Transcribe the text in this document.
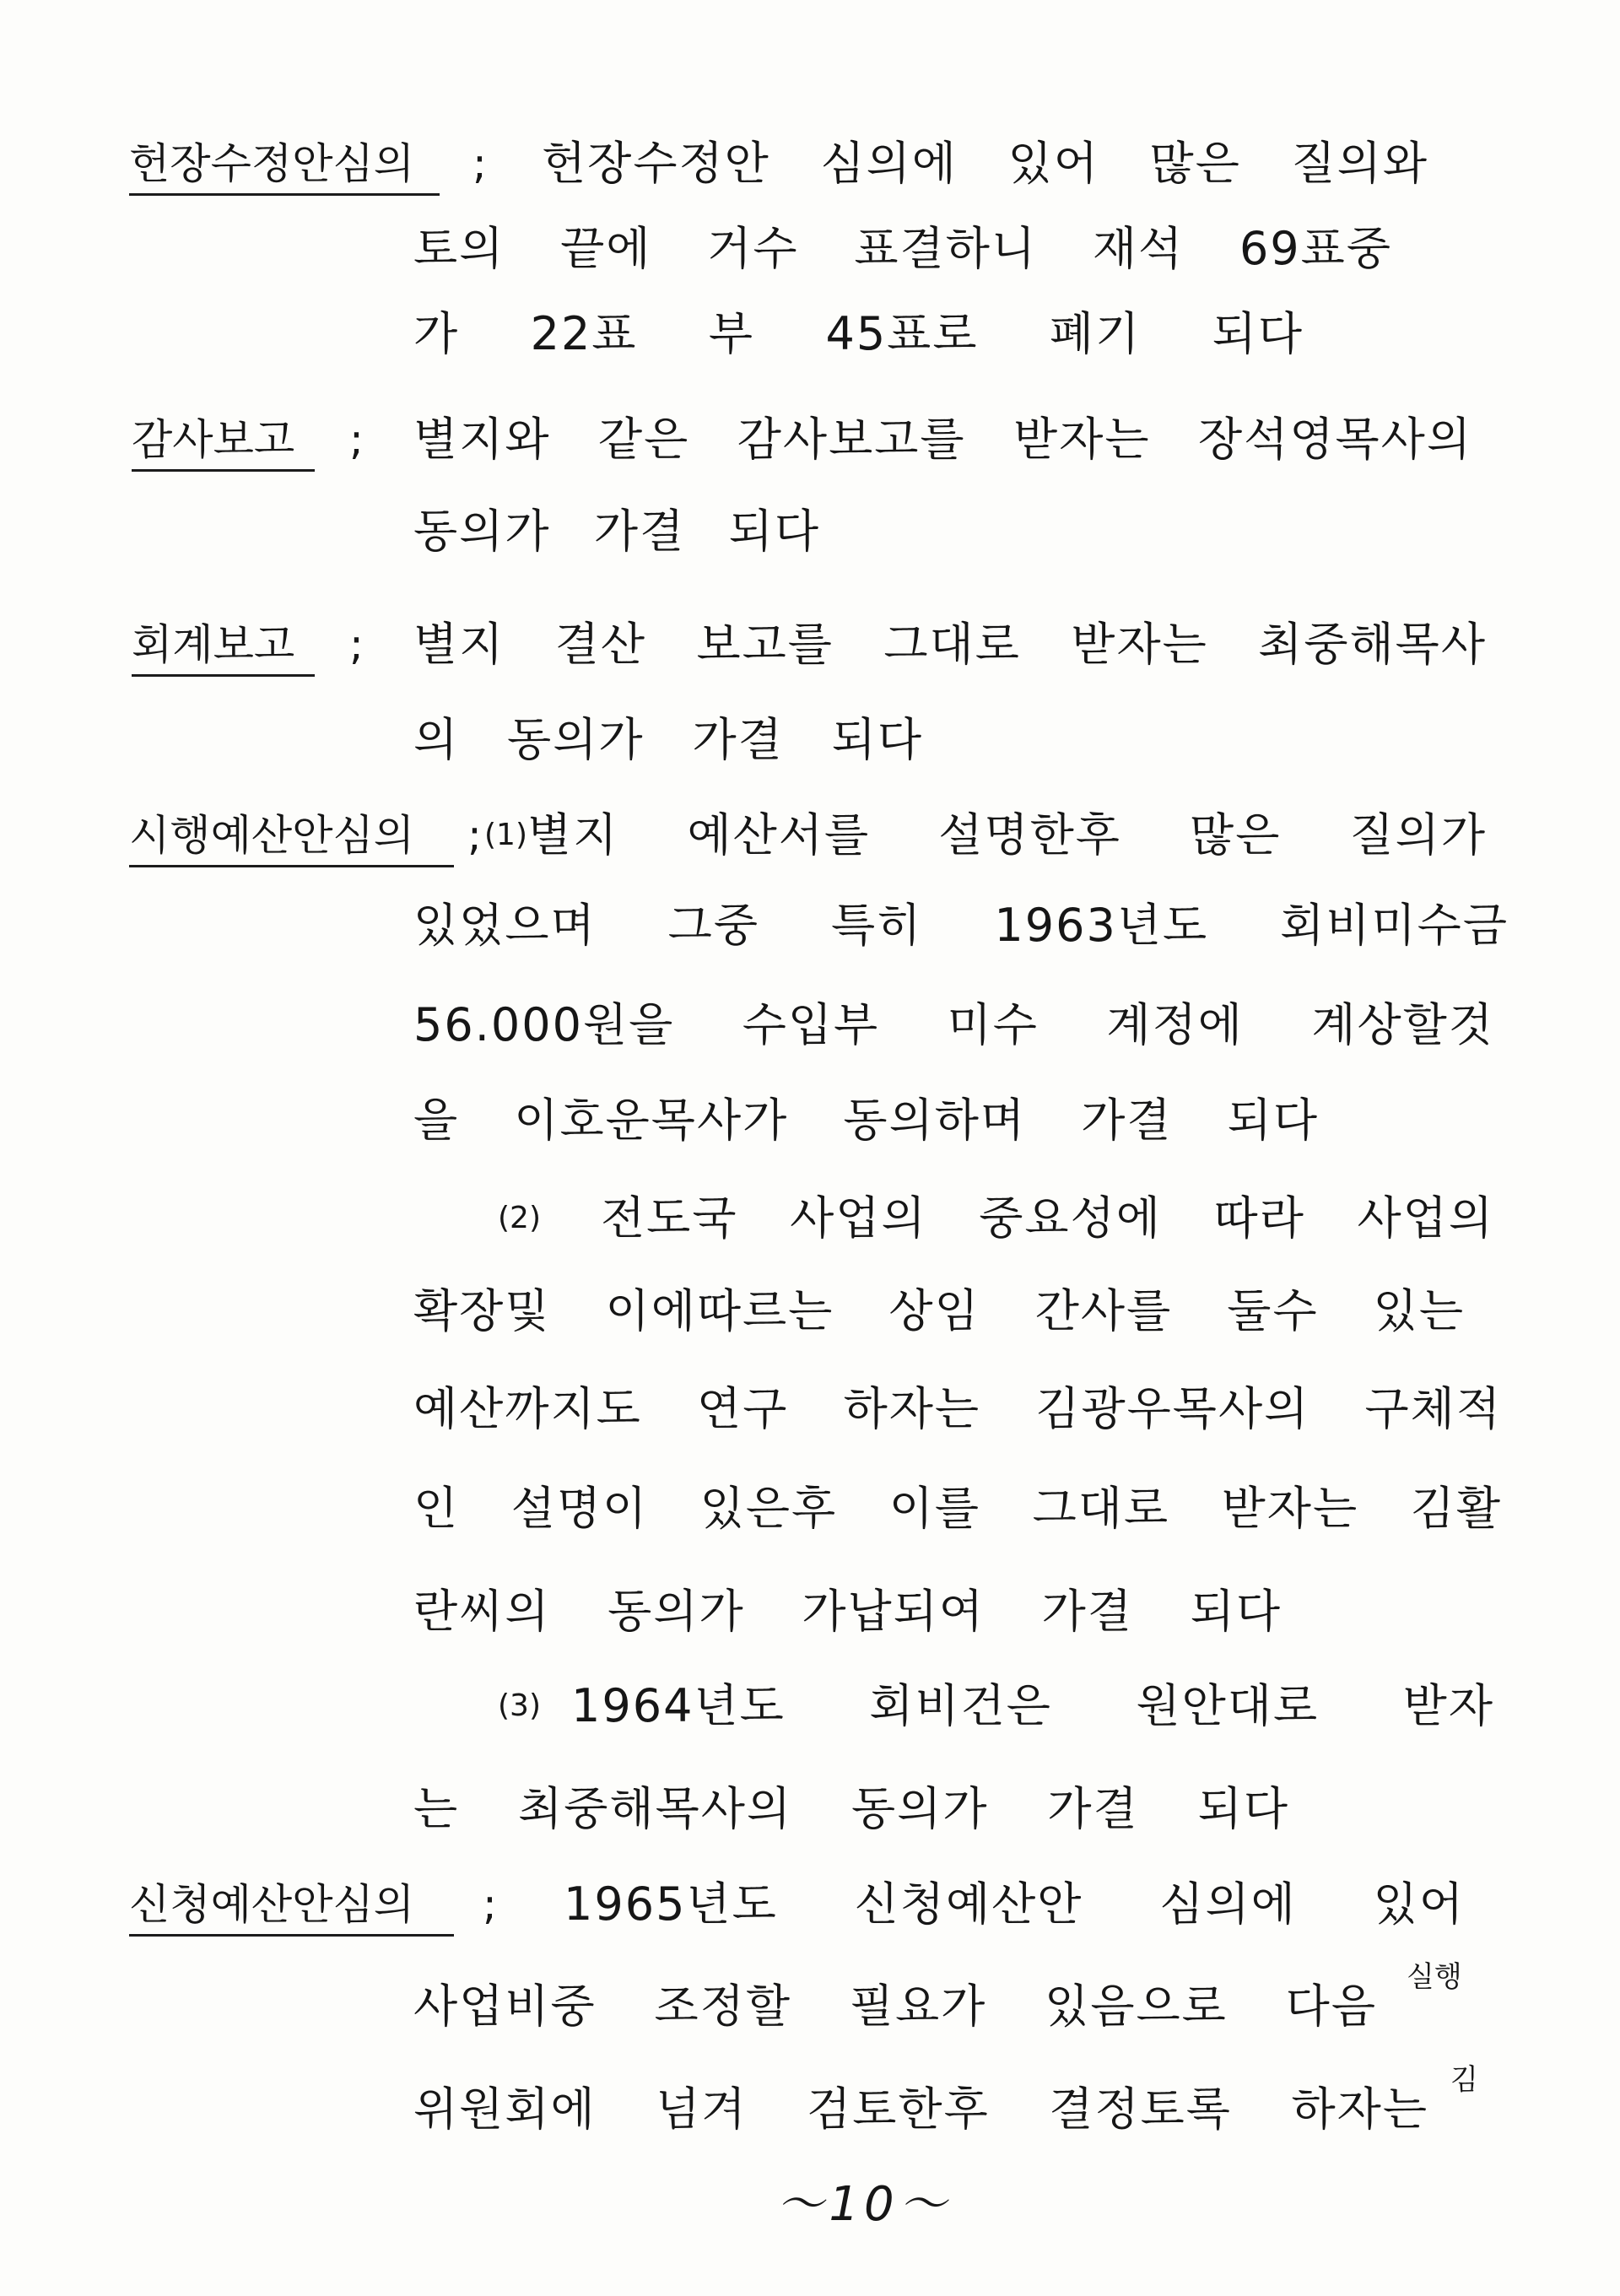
헌장수정안심의	; 헌장수정안 심의에 있어 많은 질의와
토의 끝에 거수 표결하니 재석 69표중
가 22표 부 45표로 폐기 되다
감사보고	; 별지와 같은 감사보고를 받자는 장석영목사의
동의가 가결 되다
회계보고	; 별지 결산 보고를 그대로 받자는 최중해목사
의 동의가 가결 되다
시행예산안심의	; (1) 별지 예산서를 설명한후 많은 질의가
있었으며 그중 특히 1963년도 회비미수금
56.000원을 수입부 미수 계정에 계상할것
을 이호운목사가 동의하며 가결 되다
(2) 전도국 사업의 중요성에 따라 사업의
확장및 이에따르는 상임 간사를 둘수 있는
예산까지도 연구 하자는 김광우목사의 구체적
인 설명이 있은후 이를 그대로 받자는 김활
란씨의 동의가 가납되여 가결 되다
(3) 1964년도 회비건은 원안대로 받자
는 최중해목사의 동의가 가결 되다
신청예산안심의	; 1965년도 신청예산안 심의에 있어
사업비중 조정할 필요가 있음으로 다음
실행
위원회에 넘겨 검토한후 결정토록 하자는
김
～10～
